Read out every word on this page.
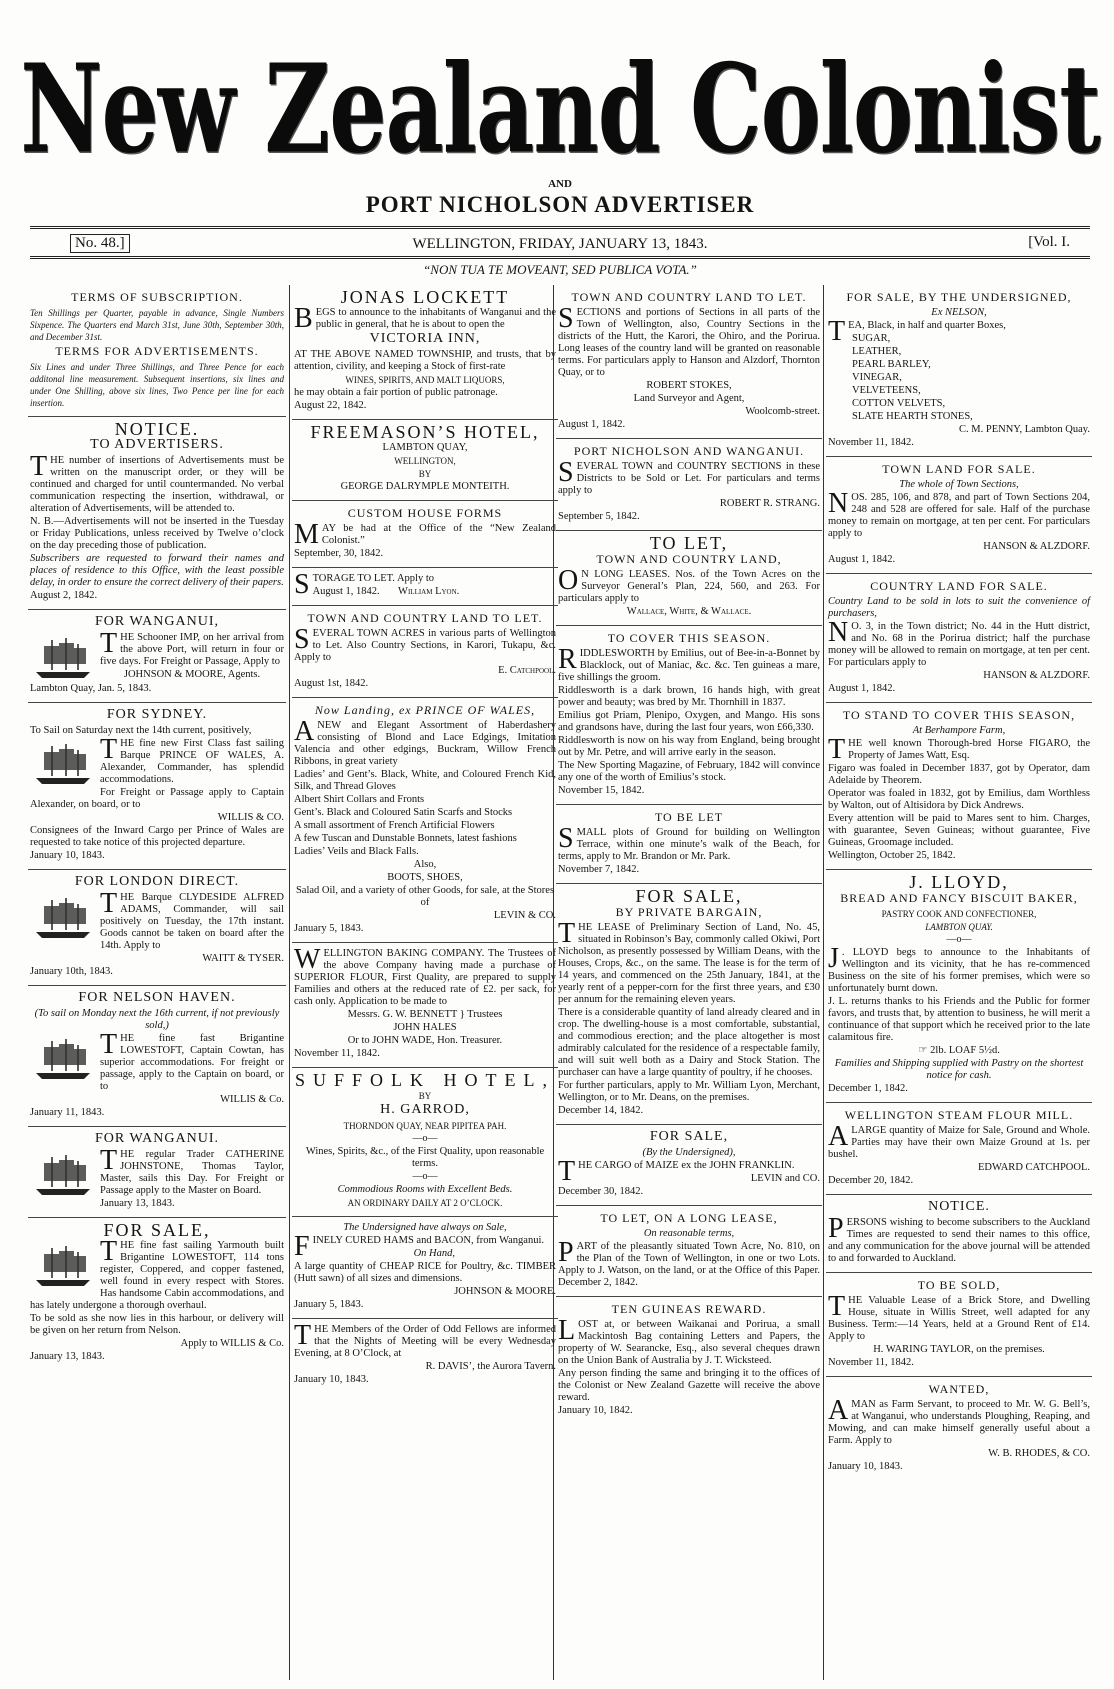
New Zealand Colonist
AND
PORT NICHOLSON ADVERTISER
No. 48.]	WELLINGTON, FRIDAY, JANUARY 13, 1843.	[Vol. I.
“NON TUA TE MOVEANT, SED PUBLICA VOTA.”
TERMS OF SUBSCRIPTION.

Ten Shillings per Quarter, payable in advance, Single Numbers Sixpence. The Quarters end March 31st, June 30th, September 30th, and December 31st.

TERMS FOR ADVERTISEMENTS.

Six Lines and under Three Shillings, and Three Pence for each additonal line measurement. Subsequent insertions, six lines and under One Shilling, above six lines, Two Pence per line for each insertion.

NOTICE.
TO ADVERTISERS.

THE number of insertions of Advertisements must be written on the manuscript order, or they will be continued and charged for until countermanded. No verbal communication respecting the insertion, withdrawal, or alteration of Advertisements, will be attended to.

N. B.—Advertisements will not be inserted in the Tuesday or Friday Publications, unless received by Twelve o’clock on the day preceding those of publication.

Subscribers are requested to forward their names and places of residence to this Office, with the least possible delay, in order to ensure the correct delivery of their papers.

August 2, 1842.

FOR WANGANUI,

THE Schooner IMP, on her arrival from the above Port, will return in four or five days. For Freight or Passage, Apply to

JOHNSON & MOORE, Agents.

Lambton Quay, Jan. 5, 1843.

FOR SYDNEY.

To Sail on Saturday next the 14th current, positively,

THE fine new First Class fast sailing Barque PRINCE OF WALES, A. Alexander, Commander, has splendid accommodations.

For Freight or Passage apply to Captain Alexander, on board, or to

WILLIS & CO.

Consignees of the Inward Cargo per Prince of Wales are requested to take notice of this projected departure.

January 10, 1843.

FOR LONDON DIRECT.

THE Barque CLYDESIDE ALFRED ADAMS, Commander, will sail positively on Tuesday, the 17th instant. Goods cannot be taken on board after the 14th. Apply to

WAITT & TYSER.

January 10th, 1843.

FOR NELSON HAVEN.

(To sail on Monday next the 16th current, if not previously sold,)

THE fine fast Brigantine LOWESTOFT, Captain Cowtan, has superior accommodations. For freight or passage, apply to the Captain on board, or to

WILLIS & Co.

January 11, 1843.

FOR WANGANUI.

THE regular Trader CATHERINE JOHNSTONE, Thomas Taylor, Master, sails this Day. For Freight or Passage apply to the Master on Board.

January 13, 1843.

FOR SALE,

THE fine fast sailing Yarmouth built Brigantine LOWESTOFT, 114 tons register, Coppered, and copper fastened, well found in every respect with Stores. Has handsome Cabin accommodations, and has lately undergone a thorough overhaul.

To be sold as she now lies in this harbour, or delivery will be given on her return from Nelson.

Apply to WILLIS & Co.

January 13, 1843.

JONAS LOCKETT

BEGS to announce to the inhabitants of Wanganui and the public in general, that he is about to open the

VICTORIA INN,

AT THE ABOVE NAMED TOWNSHIP, and trusts, that by attention, civility, and keeping a Stock of first-rate

WINES, SPIRITS, AND MALT LIQUORS,

he may obtain a fair portion of public patronage.

August 22, 1842.

FREEMASON’S HOTEL,

LAMBTON QUAY,

WELLINGTON,

BY

GEORGE DALRYMPLE MONTEITH.

CUSTOM HOUSE FORMS

MAY be had at the Office of the “New Zealand Colonist.”

September, 30, 1842.

STORAGE TO LET. Apply to

August 1, 1842. William Lyon.

TOWN AND COUNTRY LAND TO LET.

SEVERAL TOWN ACRES in various parts of Wellington to Let. Also Country Sections, in Karori, Tukapu, &c. Apply to

E. Catchpool.

August 1st, 1842.

Now Landing, ex PRINCE OF WALES,

ANEW and Elegant Assortment of Haberdashery consisting of Blond and Lace Edgings, Imitation Valencia and other edgings, Buckram, Willow French Ribbons, in great variety

Ladies’ and Gent’s. Black, White, and Coloured French Kid, Silk, and Thread Gloves

Albert Shirt Collars and Fronts

Gent’s. Black and Coloured Satin Scarfs and Stocks

A small assortment of French Artificial Flowers

A few Tuscan and Dunstable Bonnets, latest fashions

Ladies’ Veils and Black Falls.

Also,

BOOTS, SHOES,

Salad Oil, and a variety of other Goods, for sale, at the Stores of

LEVIN & CO.

January 5, 1843.

WELLINGTON BAKING COMPANY. The Trustees of the above Company having made a purchase of SUPERIOR FLOUR, First Quality, are prepared to supply Families and others at the reduced rate of £2. per sack, for cash only. Application to be made to

Messrs. G. W. BENNETT } Trustees

JOHN HALES

Or to JOHN WADE, Hon. Treasurer.

November 11, 1842.

SUFFOLK HOTEL,

BY

H. GARROD,

THORNDON QUAY, NEAR PIPITEA PAH.

—o—

Wines, Spirits, &c., of the First Quality, upon reasonable terms.

—o—

Commodious Rooms with Excellent Beds.

AN ORDINARY DAILY AT 2 O’CLOCK.

The Undersigned have always on Sale,

FINELY CURED HAMS and BACON, from Wanganui.

On Hand,

A large quantity of CHEAP RICE for Poultry, &c. TIMBER (Hutt sawn) of all sizes and dimensions.

JOHNSON & MOORE.

January 5, 1843.

THE Members of the Order of Odd Fellows are informed that the Nights of Meeting will be every Wednesday Evening, at 8 O’Clock, at

R. DAVIS’, the Aurora Tavern.

January 10, 1843.

TOWN AND COUNTRY LAND TO LET.

SECTIONS and portions of Sections in all parts of the Town of Wellington, also, Country Sections in the districts of the Hutt, the Karori, the Ohiro, and the Porirua. Long leases of the country land will be granted on reasonable terms. For particulars apply to Hanson and Alzdorf, Thornton Quay, or to

ROBERT STOKES,

Land Surveyor and Agent,

Woolcomb-street.

August 1, 1842.

PORT NICHOLSON AND WANGANUI.

SEVERAL TOWN and COUNTRY SECTIONS in these Districts to be Sold or Let. For particulars and terms apply to

ROBERT R. STRANG.

September 5, 1842.

TO LET,
TOWN AND COUNTRY LAND,

O N LONG LEASES. Nos. of the Town Acres on the Surveyor General’s Plan, 224, 560, and 263. For particulars apply to

Wallace, White, & Wallace.

TO COVER THIS SEASON.

RIDDLESWORTH by Emilius, out of Bee-in-a-Bonnet by Blacklock, out of Maniac, &c. &c. Ten guineas a mare, five shillings the groom.

Riddlesworth is a dark brown, 16 hands high, with great power and beauty; was bred by Mr. Thornhill in 1837.

Emilius got Priam, Plenipo, Oxygen, and Mango. His sons and grandsons have, during the last four years, won £66,330.

Riddlesworth is now on his way from England, being brought out by Mr. Petre, and will arrive early in the season.

The New Sporting Magazine, of February, 1842 will convince any one of the worth of Emilius’s stock.

November 15, 1842.

TO BE LET

SMALL plots of Ground for building on Wellington Terrace, within one minute’s walk of the Beach, for terms, apply to Mr. Brandon or Mr. Park.

November 7, 1842.

FOR SALE,
BY PRIVATE BARGAIN,

THE LEASE of Preliminary Section of Land, No. 45, situated in Robinson’s Bay, commonly called Okiwi, Port Nicholson, as presently possessed by William Deans, with the Houses, Crops, &c., on the same. The lease is for the term of 14 years, and commenced on the 25th January, 1841, at the yearly rent of a pepper-corn for the first three years, and £30 per annum for the remaining eleven years.

There is a considerable quantity of land already cleared and in crop. The dwelling-house is a most comfortable, substantial, and commodious erection; and the place altogether is most admirably calculated for the residence of a respectable family, and will suit well both as a Dairy and Stock Station. The purchaser can have a large quantity of poultry, if he chooses.

For further particulars, apply to Mr. William Lyon, Merchant, Wellington, or to Mr. Deans, on the premises.

December 14, 1842.

FOR SALE,

(By the Undersigned),

THE CARGO of MAIZE ex the JOHN FRANKLIN.

LEVIN and CO.

December 30, 1842.

TO LET, ON A LONG LEASE,

On reasonable terms,

PART of the pleasantly situated Town Acre, No. 810, on the Plan of the Town of Wellington, in one or two Lots. Apply to J. Watson, on the land, or at the Office of this Paper. December 2, 1842.

TEN GUINEAS REWARD.

LOST at, or between Waikanai and Porirua, a small Mackintosh Bag containing Letters and Papers, the property of W. Searancke, Esq., also several cheques drawn on the Union Bank of Australia by J. T. Wicksteed.

Any person finding the same and bringing it to the offices of the Colonist or New Zealand Gazette will receive the above reward.

January 10, 1842.

FOR SALE, BY THE UNDERSIGNED,

Ex NELSON,

TEA, Black, in half and quarter Boxes,

SUGAR,

LEATHER,

PEARL BARLEY,

VINEGAR,

VELVETEENS,

COTTON VELVETS,

SLATE HEARTH STONES,

C. M. PENNY, Lambton Quay.

November 11, 1842.

TOWN LAND FOR SALE.

The whole of Town Sections,

NOS. 285, 106, and 878, and part of Town Sections 204, 248 and 528 are offered for sale. Half of the purchase money to remain on mortgage, at ten per cent. For particulars apply to

HANSON & ALZDORF.

August 1, 1842.

COUNTRY LAND FOR SALE.

Country Land to be sold in lots to suit the convenience of purchasers,

N O. 3, in the Town district; No. 44 in the Hutt district, and No. 68 in the Porirua district; half the purchase money will be allowed to remain on mortgage, at ten per cent. For particulars apply to

HANSON & ALZDORF.

August 1, 1842.

TO STAND TO COVER THIS SEASON,

At Berhampore Farm,

THE well known Thorough-bred Horse FIGARO, the Property of James Watt, Esq.

Figaro was foaled in December 1837, got by Operator, dam Adelaide by Theorem.

Operator was foaled in 1832, got by Emilius, dam Worthless by Walton, out of Altisidora by Dick Andrews.

Every attention will be paid to Mares sent to him. Charges, with guarantee, Seven Guineas; without guarantee, Five Guineas, Groomage included.

Wellington, October 25, 1842.

J. LLOYD,
BREAD AND FANCY BISCUIT BAKER,

PASTRY COOK AND CONFECTIONER,

LAMBTON QUAY.

—o—

J . LLOYD begs to announce to the Inhabitants of Wellington and its vicinity, that he has re-commenced Business on the site of his former premises, which were so unfortunately burnt down.

J. L. returns thanks to his Friends and the Public for former favors, and trusts that, by attention to business, he will merit a continuance of that support which he received prior to the late calamitous fire.

☞ 2lb. LOAF 5½d.

Families and Shipping supplied with Pastry on the shortest notice for cash.

December 1, 1842.

WELLINGTON STEAM FLOUR MILL.

ALARGE quantity of Maize for Sale, Ground and Whole. Parties may have their own Maize Ground at 1s. per bushel.

EDWARD CATCHPOOL.

December 20, 1842.

NOTICE.

PERSONS wishing to become subscribers to the Auckland Times are requested to send their names to this office, and any communication for the above journal will be attended to and forwarded to Auckland.

TO BE SOLD,

THE Valuable Lease of a Brick Store, and Dwelling House, situate in Willis Street, well adapted for any Business. Term:—14 Years, held at a Ground Rent of £14. Apply to

H. WARING TAYLOR, on the premises.

November 11, 1842.

WANTED,

A MAN as Farm Servant, to proceed to Mr. W. G. Bell’s, at Wanganui, who understands Ploughing, Reaping, and Mowing, and can make himself generally useful about a Farm. Apply to

W. B. RHODES, & CO.

January 10, 1843.
